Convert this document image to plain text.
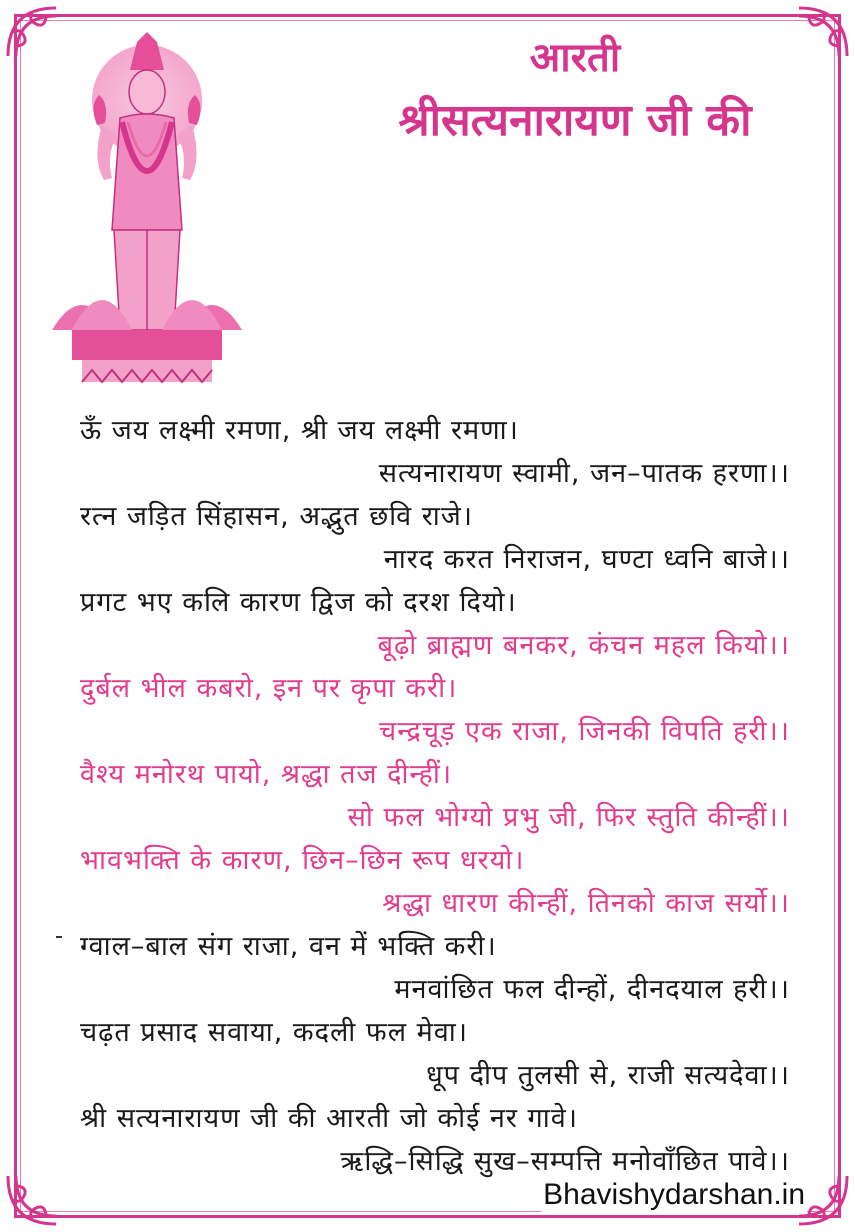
आरती
श्रीसत्यनारायण जी की
ऊँ जय लक्ष्मी रमणा, श्री जय लक्ष्मी रमणा।
सत्यनारायण स्वामी, जन–पातक हरणा।।
रत्न जड़ित सिंहासन, अद्भुत छवि राजे।
नारद करत निराजन, घण्टा ध्वनि बाजे।।
प्रगट भए कलि कारण द्विज को दरश दियो।
बूढ़ो ब्राह्मण बनकर, कंचन महल कियो।।
दुर्बल भील कबरो, इन पर कृपा करी।
चन्द्रचूड़ एक राजा, जिनकी विपति हरी।।
वैश्य मनोरथ पायो, श्रद्धा तज दीन्हीं।
सो फल भोग्यो प्रभु जी, फिर स्तुति कीन्हीं।।
भावभक्ति के कारण, छिन–छिन रूप धरयो।
श्रद्धा धारण कीन्हीं, तिनको काज सर्यो।।
ग्वाल–बाल संग राजा, वन में भक्ति करी।
मनवांछित फल दीन्हों, दीनदयाल हरी।।
चढ़त प्रसाद सवाया, कदली फल मेवा।
धूप दीप तुलसी से, राजी सत्यदेवा।।
श्री सत्यनारायण जी की आरती जो कोई नर गावे।
ऋद्धि–सिद्धि सुख–सम्पत्ति मनोवाँछित पावे।।
Bhavishydarshan.in
